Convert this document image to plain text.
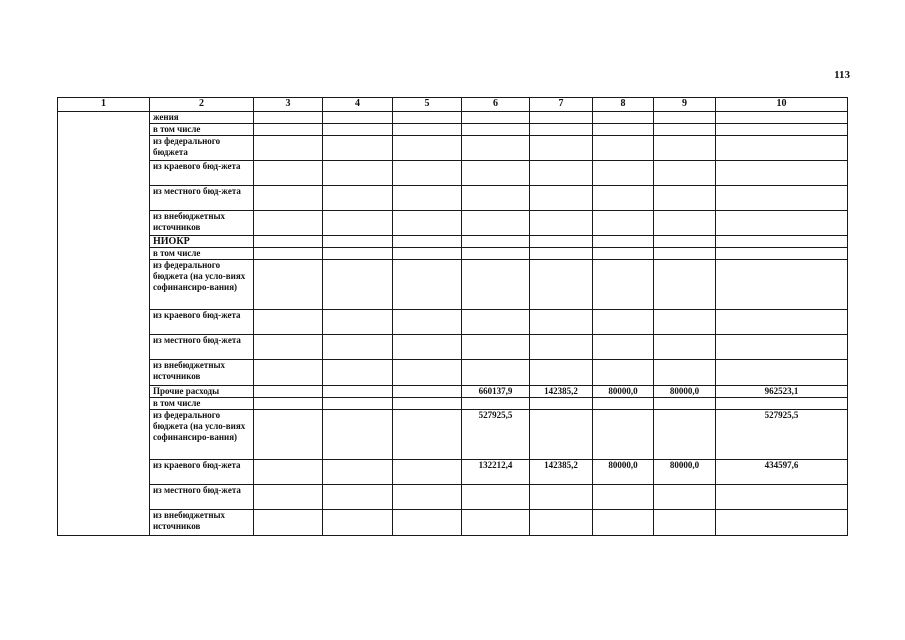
113
1	2	3	4	5	6	7	8	9	10
	жения								
	в том числе								
	из федерального бюджета								
	из краевого бюд-жета								
	из местного бюд-жета								
	из внебюджетных источников								
	НИОКР								
	в том числе								
	из федерального бюджета (на усло-виях софинансиро-вания)								
	из краевого бюд-жета								
	из местного бюд-жета								
	из внебюджетных источников								
	Прочие расходы				660137,9	142385,2	80000,0	80000,0	962523,1
	в том числе								
	из федерального бюджета (на усло-виях софинансиро-вания)				527925,5				527925,5
	из краевого бюд-жета				132212,4	142385,2	80000,0	80000,0	434597,6
	из местного бюд-жета								
	из внебюджетных источников								
